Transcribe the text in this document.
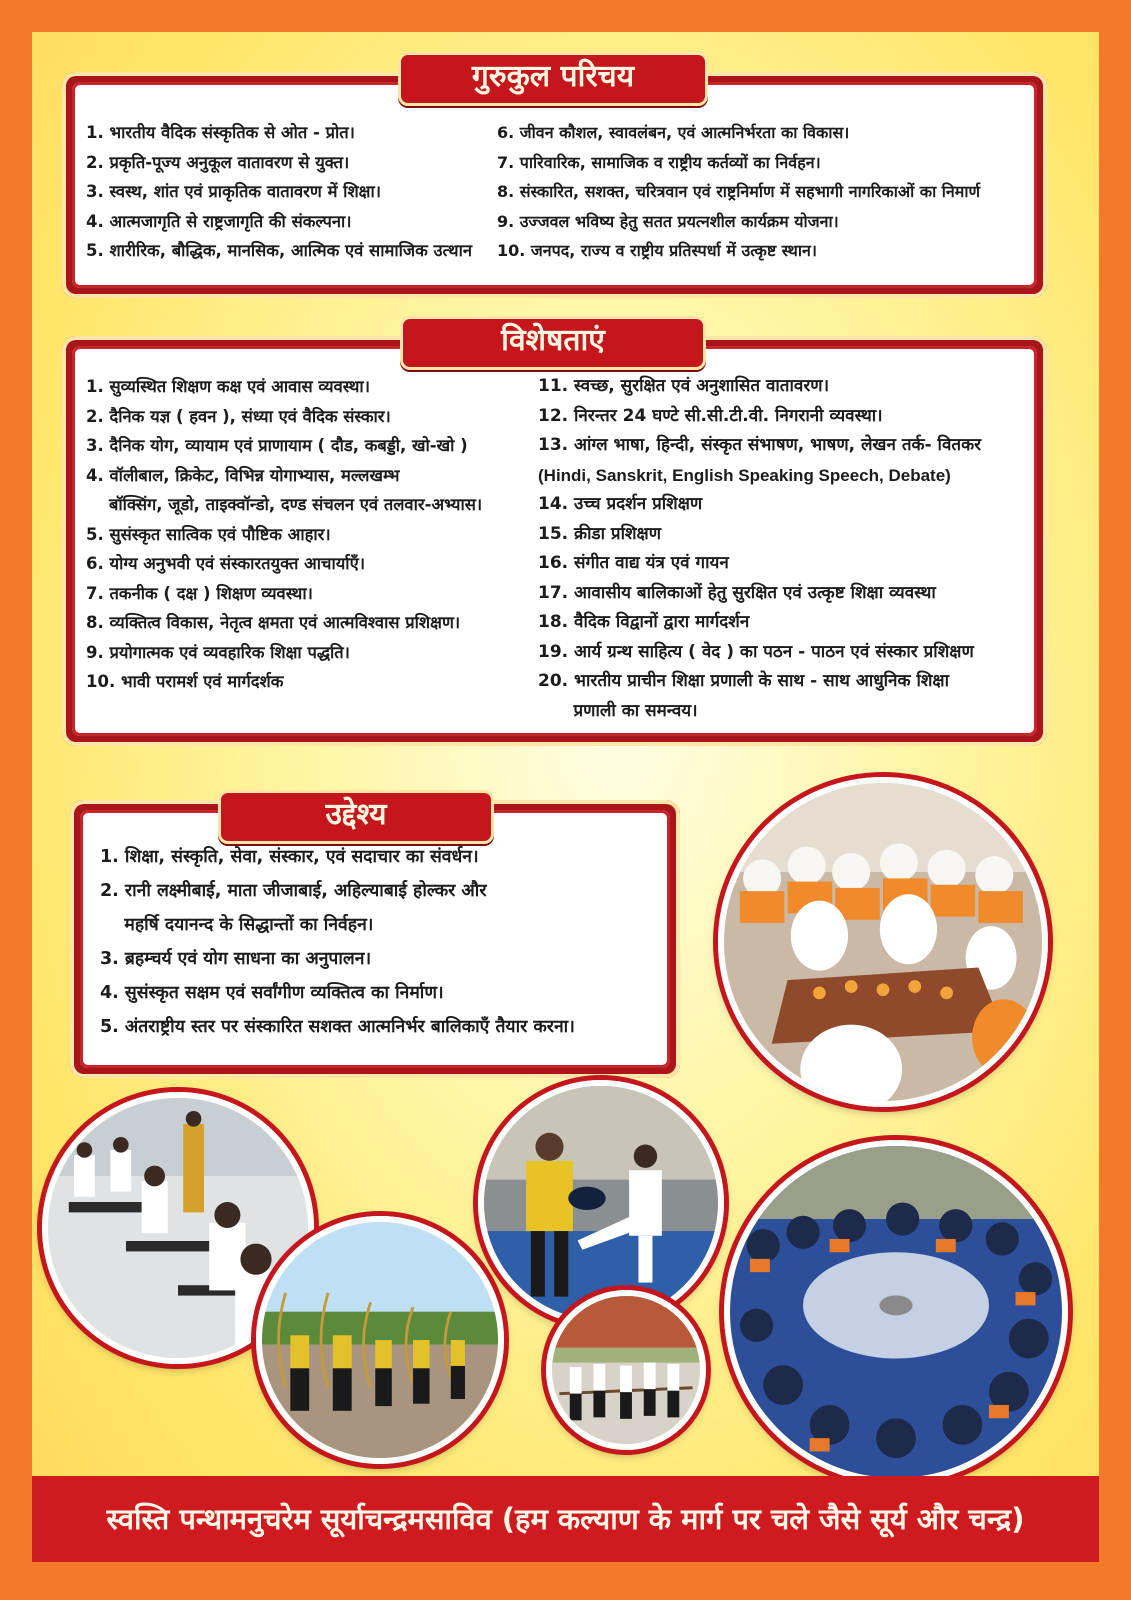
1. भारतीय वैदिक संस्कृतिक से ओत - प्रोत।
2. प्रकृति-पूज्य अनुकूल वातावरण से युक्त।
3. स्वस्थ, शांत एवं प्राकृतिक वातावरण में शिक्षा।
4. आत्मजागृति से राष्ट्रजागृति की संकल्पना।
5. शारीरिक, बौद्धिक, मानसिक, आत्मिक एवं सामाजिक उत्थान
6. जीवन कौशल, स्वावलंबन, एवं आत्मनिर्भरता का विकास।
7. पारिवारिक, सामाजिक व राष्ट्रीय कर्तव्यों का निर्वहन।
8. संस्कारित, सशक्त, चरित्रवान एवं राष्ट्रनिर्माण में सहभागी नागरिकाओं का निमार्ण
9. उज्जवल भविष्य हेतु सतत प्रयत्नशील कार्यक्रम योजना।
10. जनपद, राज्य व राष्ट्रीय प्रतिस्पर्धा में उत्कृष्ट स्थान।
गुरुकुल परिचय
1. सुव्यस्थित शिक्षण कक्ष एवं आवास व्यवस्था।
2. दैनिक यज्ञ ( हवन ), संध्या एवं वैदिक संस्कार।
3. दैनिक योग, व्यायाम एवं प्राणायाम ( दौड, कबड्डी, खो-खो )
4. वॉलीबाल, क्रिकेट, विभिन्न योगाभ्यास, मल्लखम्भ
बॉक्सिंग, जूडो, ताइक्वॉन्डो, दण्ड संचलन एवं तलवार-अभ्यास।
5. सुसंस्कृत सात्विक एवं पौष्टिक आहार।
6. योग्य अनुभवी एवं संस्कारतयुक्त आचार्याएँ।
7. तकनीक ( दक्ष ) शिक्षण व्यवस्था।
8. व्यक्तित्व विकास, नेतृत्व क्षमता एवं आत्मविश्वास प्रशिक्षण।
9. प्रयोगात्मक एवं व्यवहारिक शिक्षा पद्धति।
10. भावी परामर्श एवं मार्गदर्शक
11. स्वच्छ, सुरक्षित एवं अनुशासित वातावरण।
12. निरन्तर 24 घण्टे सी.सी.टी.वी. निगरानी व्यवस्था।
13. आंग्ल भाषा, हिन्दी, संस्कृत संभाषण, भाषण, लेखन तर्क- वितकर
(Hindi, Sanskrit, English Speaking Speech, Debate)
14. उच्च प्रदर्शन प्रशिक्षण
15. क्रीडा प्रशिक्षण
16. संगीत वाद्य यंत्र एवं गायन
17. आवासीय बालिकाओं हेतु सुरक्षित एवं उत्कृष्ट शिक्षा व्यवस्था
18. वैदिक विद्वानों द्वारा मार्गदर्शन
19. आर्य ग्रन्थ साहित्य ( वेद ) का पठन - पाठन एवं संस्कार प्रशिक्षण
20. भारतीय प्राचीन शिक्षा प्रणाली के साथ - साथ आधुनिक शिक्षा
प्रणाली का समन्वय।
विशेषताएं
1. शिक्षा, संस्कृति, सेवा, संस्कार, एवं सदाचार का संवर्धन।
2. रानी लक्ष्मीबाई, माता जीजाबाई, अहिल्याबाई होल्कर और
महर्षि दयानन्द के सिद्धान्तों का निर्वहन।
3. ब्रहम्चर्य एवं योग साधना का अनुपालन।
4. सुसंस्कृत सक्षम एवं सर्वांगीण व्यक्तित्व का निर्माण।
5. अंतराष्ट्रीय स्तर पर संस्कारित सशक्त आत्मनिर्भर बालिकाएँ तैयार करना।
उद्देश्य
स्वस्ति पन्थामनुचरेम सूर्याचन्द्रमसाविव (हम कल्याण के मार्ग पर चले जैसे सूर्य और चन्द्र)
